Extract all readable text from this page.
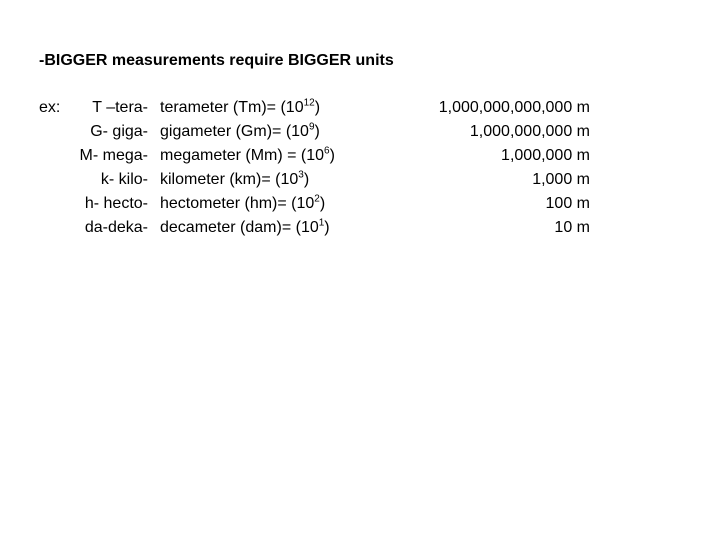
-BIGGER measurements require BIGGER units
ex: T –tera- terameter $(Tm)= (10^{12})$	1,000,000,000,000 m
G- giga- gigameter $(Gm)= (10^9)$	1,000,000,000 m
M- mega- megameter $(Mm) = (10^6)$	1,000,000 m
k- kilo- kilometer $(km)= (10^3)$	1,000 m
h- hecto- hectometer $(hm)= (10^2)$	100 m
da-deka- decameter $(dam)= (10^1)$	10 m
